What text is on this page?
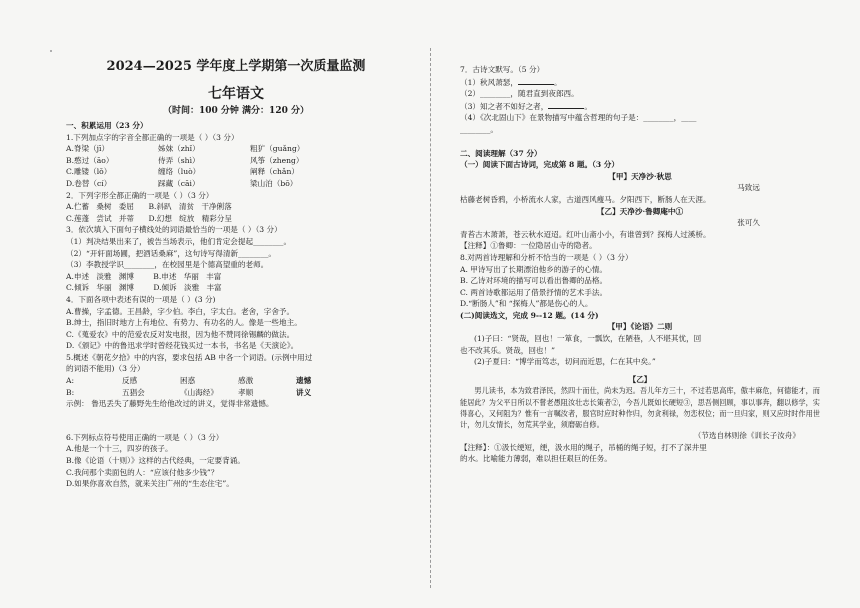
2024—2025 学年度上学期第一次质量监测
七年语文
（时间：100 分钟 满分：120 分）
一、积累运用（23 分）
1.下列加点字的字音全都正确的一项是（ ）（3 分）
A.脊梁（jī）	姊妹（zhǐ）	粗犷（guǎng）
B.憨过（āo）	侍弄（shì）	风筝（zheng）
C.雕镂（lǒ）	缠络（luò）	阐释（chǎn）
D.卷替（cí）	踩藏（cāi）	梁山泊（bō）
2．下列字形全都正确的一项是（ ）（3 分）
A.伫蓄 桑树 委屈 B.斜趴 清贫 干净俐落
C.莲蓬 尝试 并蒂 D.幻想 绽放 精彩分呈
3．依次填入下面句子横线处的词语最恰当的一项是（ ）（3 分）
（1）判决结果出来了，被告当场表示，他们肯定会提起________。
（2）“开轩面场圃，把酒话桑麻”，这句诗写得清新________。
（3）李教授学识________，在校园里是个德高望重的老师。
A.申述 淡雅 渊博	B.申述 华丽 丰富
C.倾诉 华丽 渊博	D.倾诉 淡雅 丰富
4．下面各项中表述有误的一项是（ ）(3 分)
A.曹操，字孟德。王昌龄，字少伯。李白，字太白。老舍，字舍予。
B.绅士，指旧时地方上有地位、有势力、有功名的人。像是一些地主。
C.《蒐爱农》中的范爱农反对发电报，因为他不赞同徐锡麟的做法。
D.《颁记》中的鲁迅求学时曾经花钱买过一本书，书名是《天演论》。
5.概述《朝花夕拾》中的内容，要求包括 AB 中各一个词语。(示例中用过
的词语不能用)（3 分）
A:	反感	困惑	感激	遗憾
B:	五猖会	《山海经》	孝顺	讲义
示例： 鲁迅丢失了藤野先生给他改过的讲义，觉得非常遗憾。
6.下列标点符号使用正确的一项是（ ）（3 分）
A.他是一个十三，四岁的孩子。
B.像《论语（十则）》这样的古代经典，一定要背诵。
C.我问那个卖面包的人：“应该付他多少钱”？
D.如果你喜欢自然，就来关注广州的“生态住宅”。
7．古诗文默写。（5 分）
（1）秋风萧瑟，	。
（2）________，随君直到夜郎西。
（3）知之者不如好之者，	。
（4）《次北固山下》在景物描写中蕴含哲理的句子是：________，____
________。
二、阅读理解（37 分）
（一）阅读下面古诗词，完成第 8 题。（3 分）
【甲】天净沙·秋思
马致远
枯藤老树昏鸦，小桥流水人家，古道西风瘦马。夕阳西下，断肠人在天涯。
【乙】天净沙·鲁卿庵中①
张可久
青苔古木萧萧，苍云秋水迢迢。红叶山斋小小，有谁曾到？探梅人过溪桥。
【注释】①鲁卿：一位隐居山寺的隐者。
8.对两首诗理解和分析不恰当的一项是（ ）（3 分）
A. 甲诗写出了长期漂泊他乡的游子的心情。
B. 乙诗对环境的描写可以看出鲁卿的品格。
C. 两首诗歌都运用了借景抒情的艺术手法。
D.“断肠人”和 “探梅人”都是伤心的人。
(二)阅读选文，完成 9--12 题。(14 分)
【甲】《论语》二则
(1)子曰：“贤哉，回也！一箪食，一瓢饮，在陋巷，人不堪其忧，回
也不改其乐。贤哉，回也！”
(2)子夏曰：“博学而笃志，切问而近思，仁在其中矣。”
【乙】
男儿读书，本为致君泽民，然四十而仕，尚未为迟。吾儿年方三十，不过若思高库，傲丰麻危，何德能才，而能居此？为父平日所以不嘗老愚阻汝壮志长策者②，今吾儿既如长硬短③，思吾侧回顾，事以事奔，翻以修学，实得喜心，又何阻为？惟有一言嘱汝者，服官时应时种作归，勿贪利禄，勿恋权位；而一旦归家，则又应时时作用世计，勿儿女情长，勿荒其学业，须磨砺自修。
（节选自林则徐《训长子汝舟》
【注释】：①汲长绠短，绠，汲水用的绳子，吊桶的绳子短，打不了深井里
的水。比喻能力薄弱，难以担任艰巨的任务。
